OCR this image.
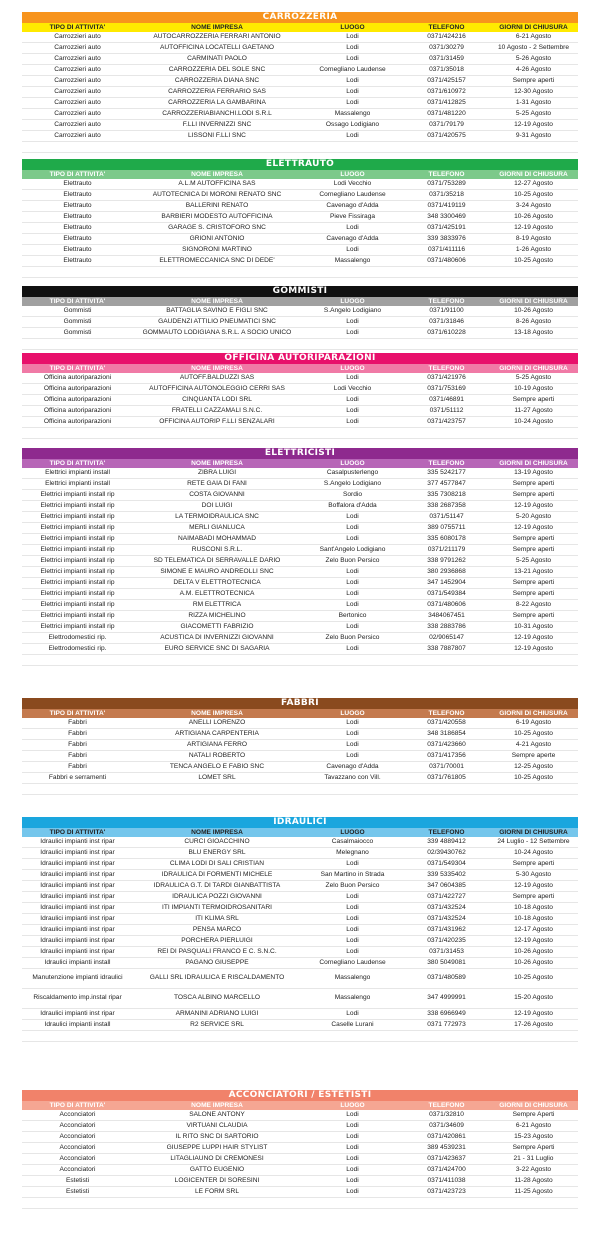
CARROZZERIA
TIPO DI ATTIVITA'	NOME IMPRESA	LUOGO	TELEFONO	GIORNI DI CHIUSURA
Carrozzieri auto	AUTOCARROZZERIA FERRARI ANTONIO	Lodi	0371/424216	6-21 Agosto
Carrozzieri auto	AUTOFFICINA LOCATELLI GAETANO	Lodi	0371/30279	10 Agosto - 2 Settembre
Carrozzieri auto	CARMINATI PAOLO	Lodi	0371/31459	5-26 Agosto
Carrozzieri auto	CARROZZERIA DEL SOLE SNC	Cornegliano Laudense	0371/35018	4-26 Agosto
Carrozzieri auto	CARROZZERIA DIANA SNC	Lodi	0371/425157	Sempre aperti
Carrozzieri auto	CARROZZERIA FERRARIO SAS	Lodi	0371/610972	12-30 Agosto
Carrozzieri auto	CARROZZERIA LA GAMBARINA	Lodi	0371/412825	1-31 Agosto
Carrozzieri auto	CARROZZERIABIANCHI.LODI S.R.L	Massalengo	0371/481220	5-25 Agosto
Carrozzieri auto	F.LLI INVERNIZZI SNC	Ossago Lodigiano	0371/79179	12-19 Agosto
Carrozzieri auto	LISSONI F.LLI SNC	Lodi	0371/420575	9-31 Agosto
ELETTRAUTO
TIPO DI ATTIVITA'	NOME IMPRESA	LUOGO	TELEFONO	GIORNI DI CHIUSURA
Elettrauto	A.L.M AUTOFFICINA SAS	Lodi Vecchio	0371/753289	12-27 Agosto
Elettrauto	AUTOTECNICA DI MORONI RENATO SNC	Cornegliano Laudense	0371/35218	10-25 Agosto
Elettrauto	BALLERINI RENATO	Cavenago d'Adda	0371/419119	3-24 Agosto
Elettrauto	BARBIERI MODESTO AUTOFFICINA	Pieve Fissiraga	348 3300469	10-26 Agosto
Elettrauto	GARAGE S. CRISTOFORO SNC	Lodi	0371/425191	12-19 Agosto
Elettrauto	GRIONI ANTONIO	Cavenago d'Adda	339 3833976	8-19 Agosto
Elettrauto	SIGNORONI MARTINO	Lodi	0371/411116	1-26 Agosto
Elettrauto	ELETTROMECCANICA SNC DI DEDE'	Massalengo	0371/480606	10-25 Agosto
GOMMISTI
TIPO DI ATTIVITA'	NOME IMPRESA	LUOGO	TELEFONO	GIORNI DI CHIUSURA
Gommisti	BATTAGLIA SAVINO E FIGLI SNC	S.Angelo Lodigiano	0371/91100	10-26 Agosto
Gommisti	GAUDENZI ATTILIO PNEUMATICI SNC	Lodi	0371/31846	8-26 Agosto
Gommisti	GOMMAUTO LODIGIANA S.R.L. A SOCIO UNICO	Lodi	0371/610228	13-18 Agosto
OFFICINA AUTORIPARAZIONI
TIPO DI ATTIVITA'	NOME IMPRESA	LUOGO	TELEFONO	GIORNI DI CHIUSURA
Officina autoriparazioni	AUTOFF.BALDUZZI SAS	Lodi	0371/421976	5-25 Agosto
Officina autoriparazioni	AUTOFFICINA AUTONOLEGGIO CERRI SAS	Lodi Vecchio	0371/753169	10-19 Agosto
Officina autoriparazioni	CINQUANTA LODI SRL	Lodi	0371/46891	Sempre aperti
Officina autoriparazioni	FRATELLI CAZZAMALI S.N.C.	Lodi	0371/51112	11-27 Agosto
Officina autoriparazioni	OFFICINA AUTORIP F.LLI SENZALARI	Lodi	0371/423757	10-24 Agosto
ELETTRICISTI
TIPO DI ATTIVITA'	NOME IMPRESA	LUOGO	TELEFONO	GIORNI DI CHIUSURA
Elettrici impianti install	ZIBRA LUIGI	Casalpusterlengo	335 5242177	13-19 Agosto
Elettrici impianti install	RETE GAIA DI FANI	S.Angelo Lodigiano	377 4577847	Sempre aperti
Elettrici impianti install rip	COSTA GIOVANNI	Sordio	335 7308218	Sempre aperti
Elettrici impianti install rip	DOI LUIGI	Boffalora d'Adda	338 2687358	12-19 Agosto
Elettrici impianti install rip	LA TERMOIDRAULICA SNC	Lodi	0371/51147	5-20 Agosto
Elettrici impianti install rip	MERLI GIANLUCA	Lodi	389 0755711	12-19 Agosto
Elettrici impianti install rip	NAIMABADI MOHAMMAD	Lodi	335 6080178	Sempre aperti
Elettrici impianti install rip	RUSCONI S.R.L.	Sant'Angelo Lodigiano	0371/211179	Sempre aperti
Elettrici impianti install rip	SD TELEMATICA DI SERRAVALLE DARIO	Zelo Buon Persico	338 9791262	5-25 Agosto
Elettrici impianti install rip	SIMONE E MAURO ANDREOLLI SNC	Lodi	380 2936868	13-21 Agosto
Elettrici impianti install rip	DELTA V ELETTROTECNICA	Lodi	347 1452904	Sempre aperti
Elettrici impianti install rip	A.M. ELETTROTECNICA	Lodi	0371/549384	Sempre aperti
Elettrici impianti install rip	RM ELETTRICA	Lodi	0371/480606	8-22 Agosto
Elettrici impianti install rip	RIZZA MICHELINO	Bertonico	3484067451	Sempre aperti
Elettrici impianti install rip	GIACOMETTI FABRIZIO	Lodi	338 2883786	10-31 Agosto
Elettrodomestici rip.	ACUSTICA DI INVERNIZZI GIOVANNI	Zelo Buon Persico	02/9065147	12-19 Agosto
Elettrodomestici rip.	EURO SERVICE SNC DI SAGARIA	Lodi	338 7887807	12-19 Agosto
FABBRI
TIPO DI ATTIVITA'	NOME IMPRESA	LUOGO	TELEFONO	GIORNI DI CHIUSURA
Fabbri	ANELLI LORENZO	Lodi	0371/420558	6-19 Agosto
Fabbri	ARTIGIANA CARPENTERIA	Lodi	348 3186854	10-25 Agosto
Fabbri	ARTIGIANA FERRO	Lodi	0371/423660	4-21 Agosto
Fabbri	NATALI ROBERTO	Lodi	0371/417356	Sempre aperte
Fabbri	TENCA ANGELO E FABIO SNC	Cavenago d'Adda	0371/70001	12-25 Agosto
Fabbri e serramenti	LOMET SRL	Tavazzano con Vill.	0371/761805	10-25 Agosto
IDRAULICI
TIPO DI ATTIVITA'	NOME IMPRESA	LUOGO	TELEFONO	GIORNI DI CHIUSURA
Idraulici impianti inst ripar	CURCI GIOACCHINO	Casalmaiocco	339 4889412	24 Luglio - 12 Settembre
Idraulici impianti inst ripar	BLU ENERGY SRL	Melegnano	02/39430762	10-24 Agosto
Idraulici impianti inst ripar	CLIMA LODI DI SALI CRISTIAN	Lodi	0371/549304	Sempre aperti
Idraulici impianti inst ripar	IDRAULICA DI FORMENTI MICHELE	San Martino in Strada	339 5335402	5-30 Agosto
Idraulici impianti inst ripar	IDRAULICA G.T. DI TARDI GIANBATTISTA	Zelo Buon Persico	347 0604385	12-19 Agosto
Idraulici impianti inst ripar	IDRAULICA POZZI GIOVANNI	Lodi	0371/422727	Sempre aperti
Idraulici impianti inst ripar	ITI IMPIANTI TERMOIDROSANITARI	Lodi	0371/432524	10-18 Agosto
Idraulici impianti inst ripar	ITI KLIMA SRL	Lodi	0371/432524	10-18 Agosto
Idraulici impianti inst ripar	PENSA MARCO	Lodi	0371/431962	12-17 Agosto
Idraulici impianti inst ripar	PORCHERA PIERLUIGI	Lodi	0371/420235	12-19 Agosto
Idraulici impianti inst ripar	REI DI PASQUALI FRANCO E C. S.N.C.	Lodi	0371/31453	10-26 Agosto
Idraulici impianti install	PAGANO GIUSEPPE	Cornegliano Laudense	380 5049081	10-26 Agosto
Manutenzione impianti idraulici	GALLI SRL IDRAULICA E RISCALDAMENTO	Massalengo	0371/480589	10-25 Agosto
Riscaldamento imp.instal ripar	TOSCA ALBINO MARCELLO	Massalengo	347 4999991	15-20 Agosto
Idraulici impianti inst ripar	ARMANINI ADRIANO LUIGI	Lodi	338 6966949	12-19 Agosto
Idraulici impianti install	R2 SERVICE SRL	Caselle Lurani	0371 772973	17-26 Agosto
ACCONCIATORI / ESTETISTI
TIPO DI ATTIVITA'	NOME IMPRESA	LUOGO	TELEFONO	GIORNI DI CHIUSURA
Acconciatori	SALONE ANTONY	Lodi	0371/32810	Sempre Aperti
Acconciatori	VIRTUANI CLAUDIA	Lodi	0371/34609	6-21 Agosto
Acconciatori	IL RITO SNC DI SARTORIO	Lodi	0371/420861	15-23 Agosto
Acconciatori	GIUSEPPE LUPPI HAIR STYLIST	Lodi	389 4539231	Sempre Aperti
Acconciatori	LITAGLIAUNO DI CREMONESI	Lodi	0371/423637	21 - 31 Luglio
Acconciatori	GATTO EUGENIO	Lodi	0371/424700	3-22 Agosto
Estetisti	LOGICENTER DI SORESINI	Lodi	0371/411038	11-28 Agosto
Estetisti	LE FORM SRL	Lodi	0371/423723	11-25 Agosto
